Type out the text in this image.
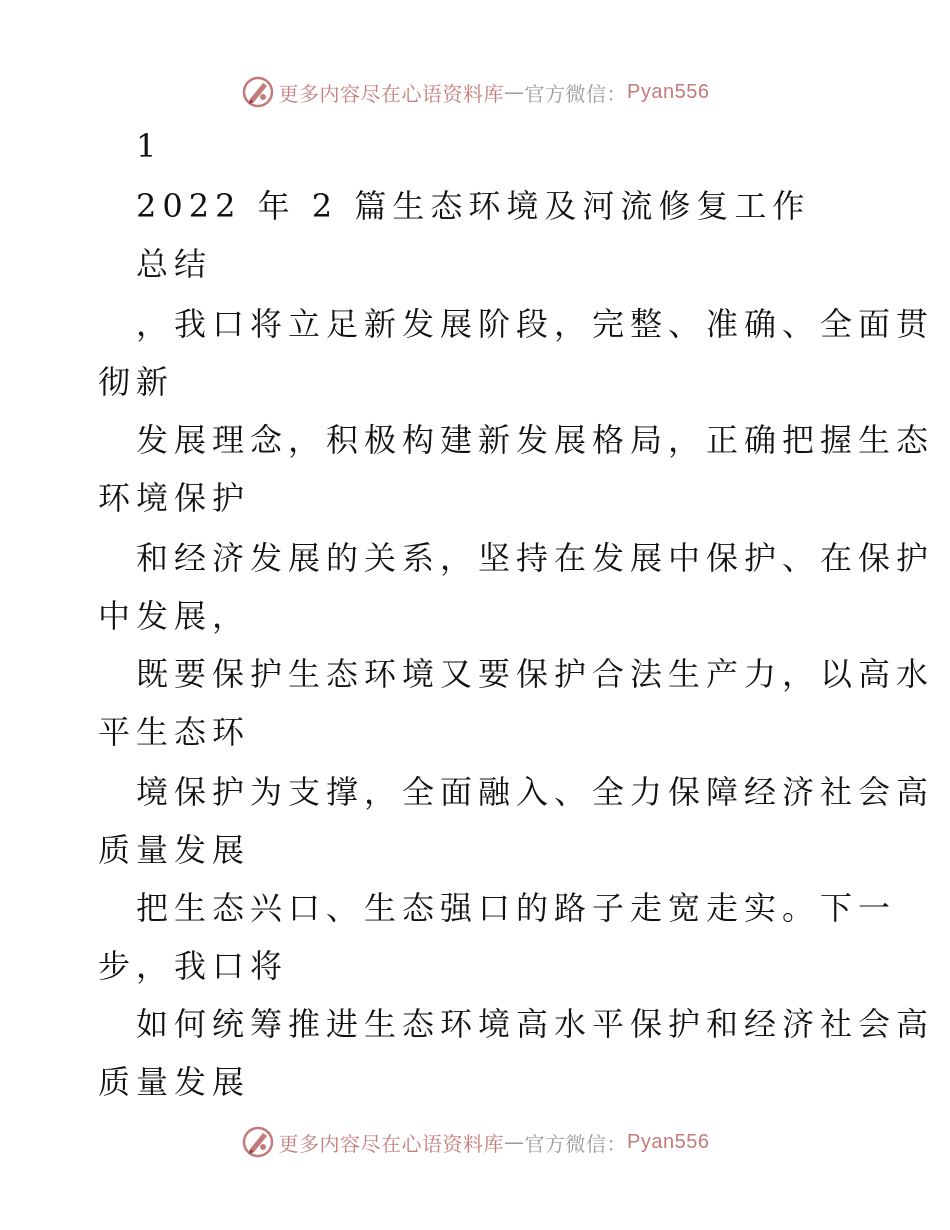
更多内容尽在心语资料库 — 官方微信： Pyan556
1
2022 年 2 篇生态环境及河流修复工作
总结
，我口将立足新发展阶段，完整、准确、全面贯
彻新
发展理念，积极构建新发展格局，正确把握生态
环境保护
和经济发展的关系，坚持在发展中保护、在保护
中发展，
既要保护生态环境又要保护合法生产力，以高水
平生态环
境保护为支撑，全面融入、全力保障经济社会高
质量发展
把生态兴口、生态强口的路子走宽走实。下一
步，我口将
如何统筹推进生态环境高水平保护和经济社会高
质量发展
更多内容尽在心语资料库 — 官方微信： Pyan556
